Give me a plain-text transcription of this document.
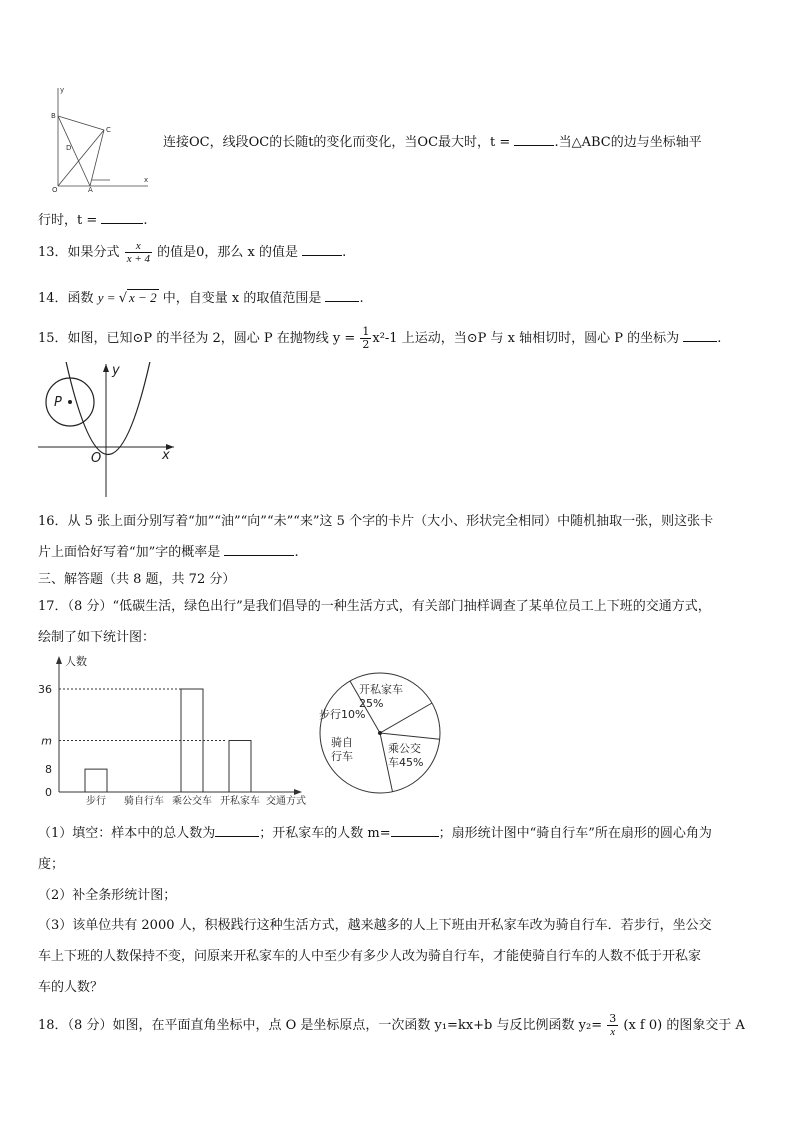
y
B
C
D
O	A
x
连接OC，线段OC的长随t的变化而变化，当OC最大时，t =	.当△ABC的边与坐标轴平
行时，t =	.
13．如果分式 $\frac{x}{x + 4}$ 的值是0，那么 x 的值是	.
14．函数 y = √ x − 2 中，自变量 x 的取值范围是	.
15．如图，已知⊙P 的半径为 2，圆心 P 在抛物线 $y = \frac{1}{2} x^2-1$ 上运动，当⊙P 与 x 轴相切时，圆心 P 的坐标为	.
y
P
O	x
16．从 5 张上面分别写着“加”“油”“向”“未”“来”这 5 个字的卡片（大小、形状完全相同）中随机抽取一张，则这张卡
片上面恰好写着“加”字的概率是	.
三、解答题（共 8 题，共 72 分）
17．（8 分）“低碳生活，绿色出行”是我们倡导的一种生活方式，有关部门抽样调查了某单位员工上下班的交通方式，
绘制了如下统计图：
人数
交通方式
0
8
m
36
步行 骑自行车 乘公交车 开私家车
开私家车
25%
步行10%
骑自
行车
乘公交
车45%
（1）填空：样本中的总人数为	；开私家车的人数 m=	；扇形统计图中“骑自行车”所在扇形的圆心角为
度；
（2）补全条形统计图；
（3）该单位共有 2000 人，积极践行这种生活方式，越来越多的人上下班由开私家车改为骑自行车．若步行，坐公交
车上下班的人数保持不变，问原来开私家车的人中至少有多少人改为骑自行车，才能使骑自行车的人数不低于开私家
车的人数？
18．（8 分）如图，在平面直角坐标中，点 O 是坐标原点，一次函数 y₁=kx+b 与反比例函数 $y_2= \frac{3}{x} (x$ f 0) 的图象交于 A
